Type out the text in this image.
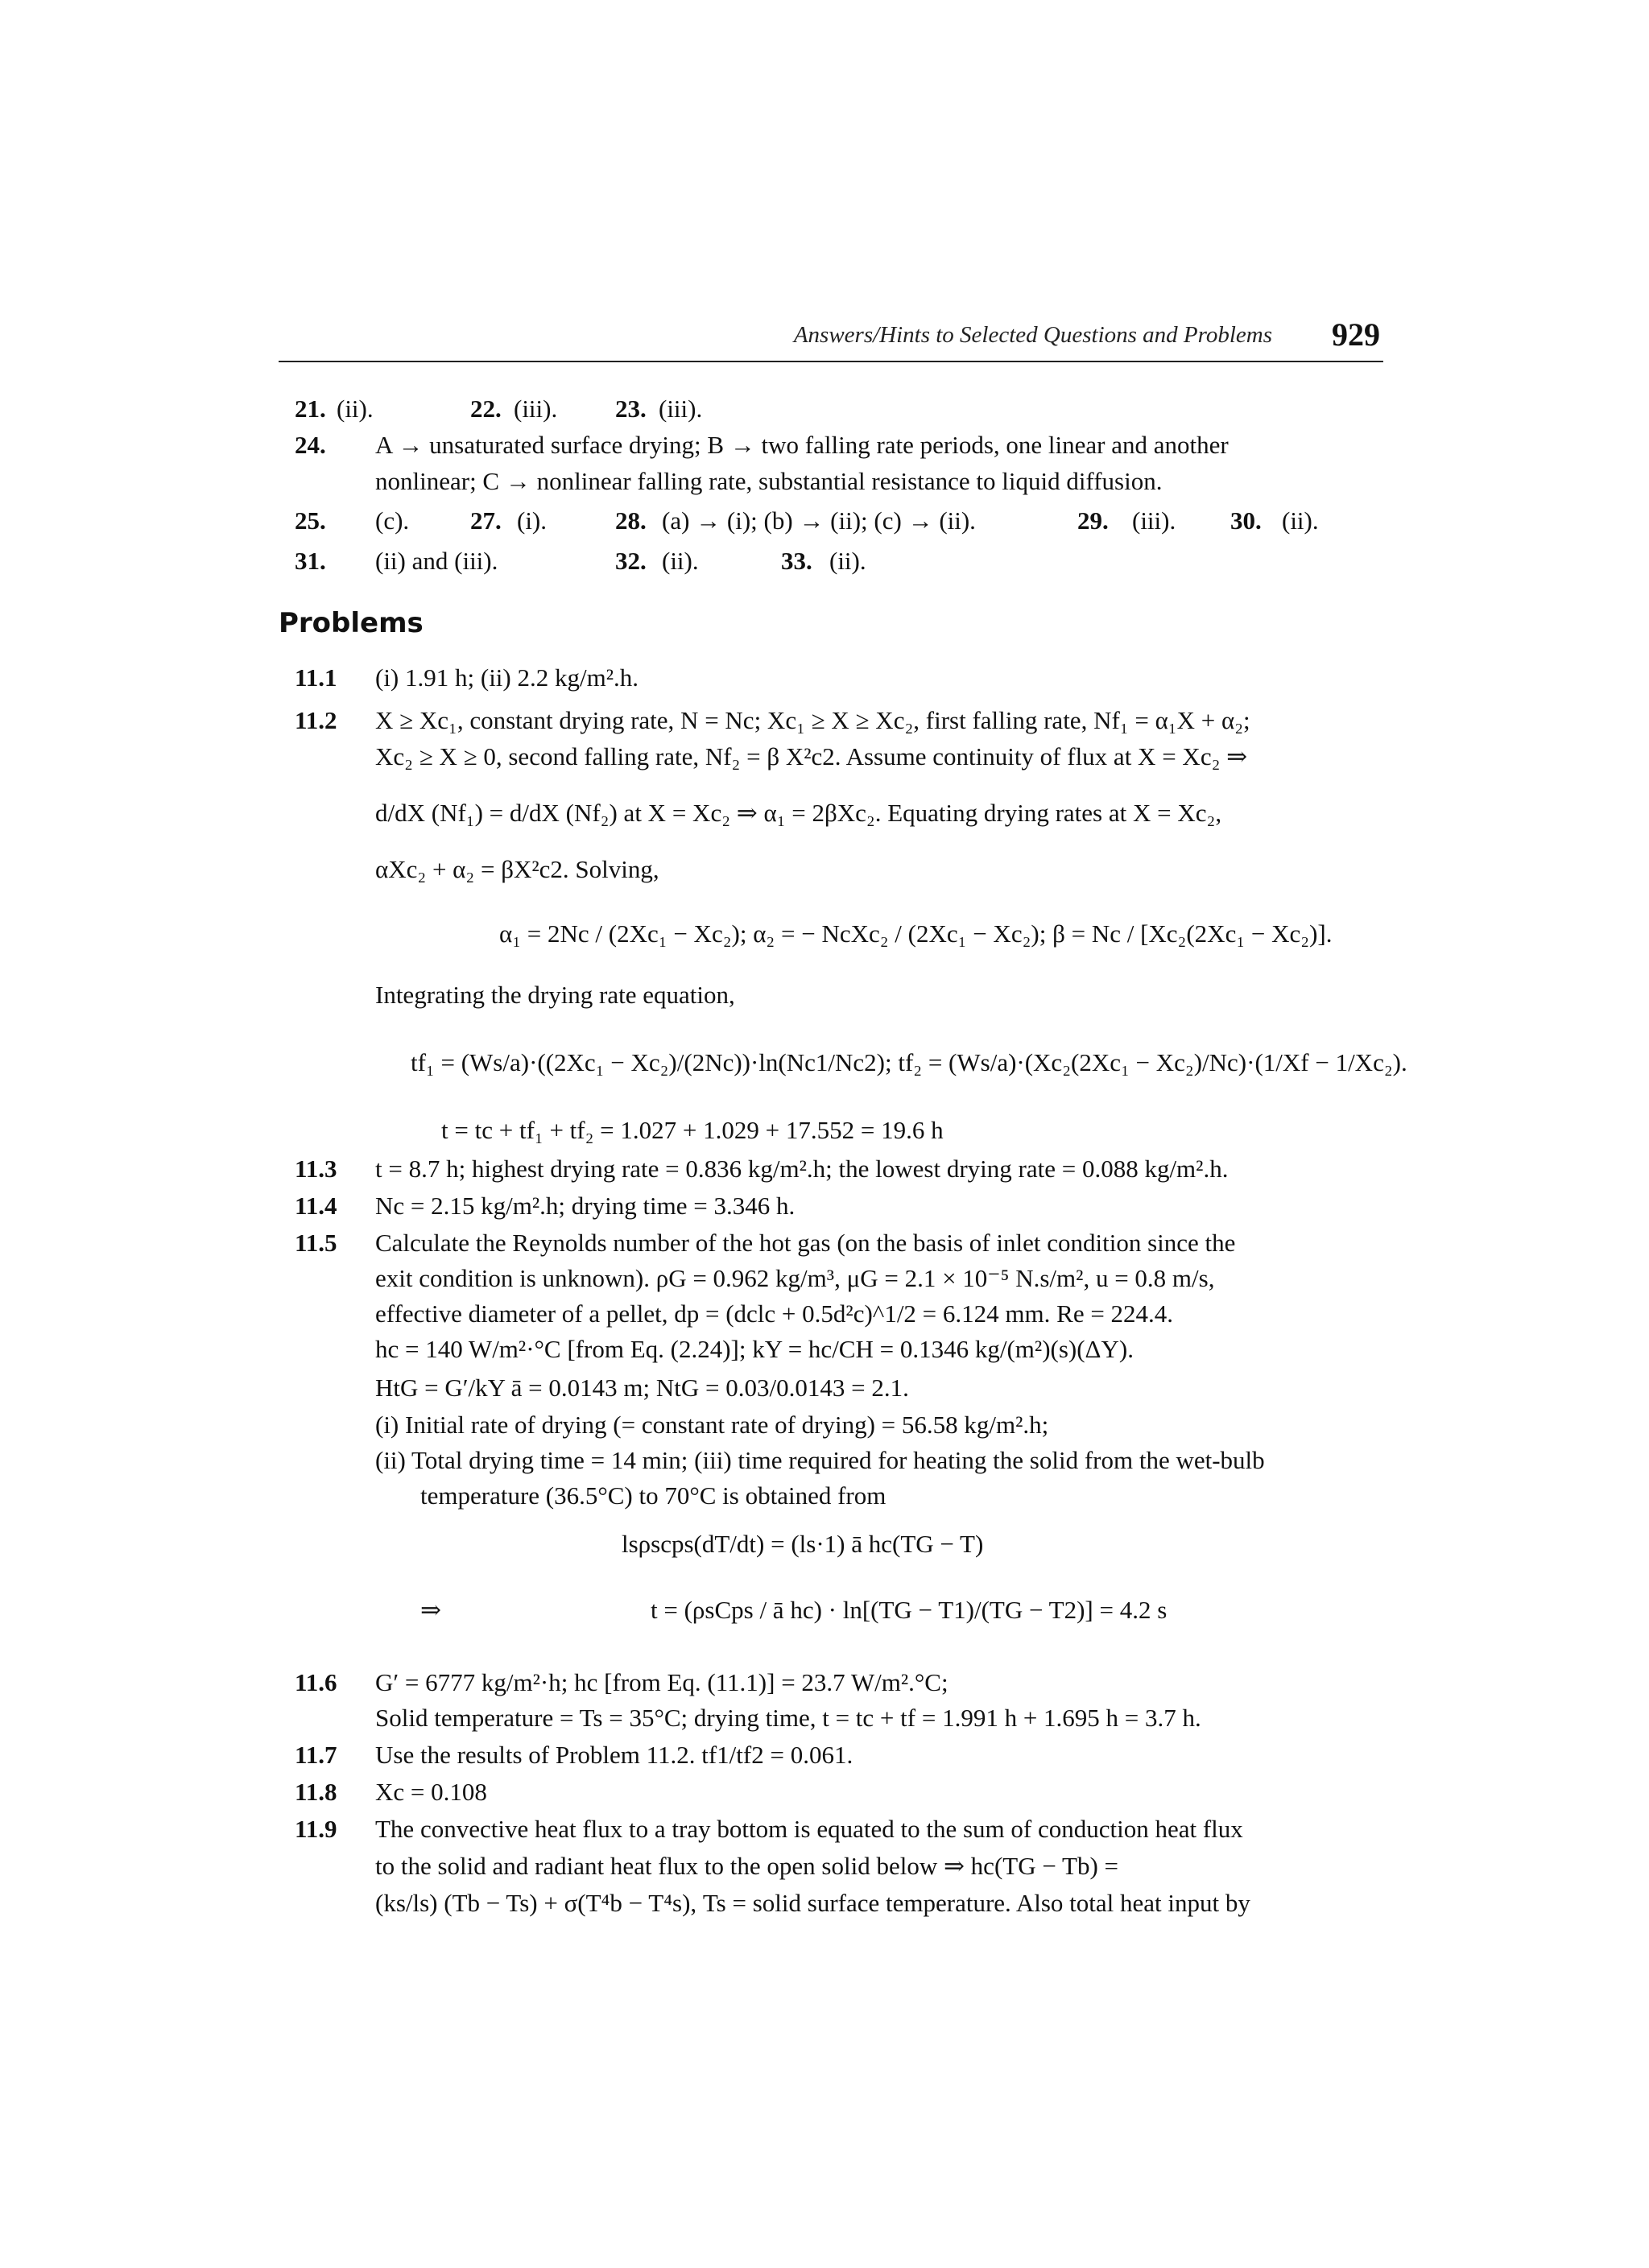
Answers/Hints to Selected Questions and Problems 929
21. (ii).	22. (iii). 23. (iii).
24. A → unsaturated surface drying; B → two falling rate periods, one linear and another
nonlinear; C → nonlinear falling rate, substantial resistance to liquid diffusion.
25. (c). 27. (i).	28. (a) → (i); (b) → (ii); (c) → (ii).	29. (iii). 30. (ii).
31. (ii) and (iii).	32. (ii).	33. (ii).
Problems
11.1 (i) 1.91 h; (ii) 2.2 kg/m².h.
11.2 X ≥ Xc₁, constant drying rate, N = Nc; Xc₁ ≥ X ≥ Xc₂, first falling rate, Nf₁ = α₁X + α₂;
Xc₂ ≥ X ≥ 0, second falling rate, Nf₂ = β X²c2. Assume continuity of flux at X = Xc₂ ⇒
d/dX (Nf₁) = d/dX (Nf₂) at X = Xc₂ ⇒ α₁ = 2βXc₂. Equating drying rates at X = Xc₂,
αXc₂ + α₂ = βX²c2. Solving,
α₁ = 2Nc / (2Xc₁ − Xc₂); α₂ = − NcXc₂ / (2Xc₁ − Xc₂); β = Nc / [Xc₂(2Xc₁ − Xc₂)].
Integrating the drying rate equation,
tf₁ = (Ws/a)·((2Xc₁ − Xc₂)/(2Nc))·ln(Nc1/Nc2); tf₂ = (Ws/a)·(Xc₂(2Xc₁ − Xc₂)/Nc)·(1/Xf − 1/Xc₂).
t = tc + tf₁ + tf₂ = 1.027 + 1.029 + 17.552 = 19.6 h
11.3 t = 8.7 h; highest drying rate = 0.836 kg/m².h; the lowest drying rate = 0.088 kg/m².h.
11.4 Nc = 2.15 kg/m².h; drying time = 3.346 h.
11.5 Calculate the Reynolds number of the hot gas (on the basis of inlet condition since the
exit condition is unknown). ρG = 0.962 kg/m³, μG = 2.1 × 10⁻⁵ N.s/m², u = 0.8 m/s,
effective diameter of a pellet, dp = (dclc + 0.5d²c)^1/2 = 6.124 mm. Re = 224.4.
hc = 140 W/m²·°C [from Eq. (2.24)]; kY = hc/CH = 0.1346 kg/(m²)(s)(ΔY).
HtG = G′/kY ā = 0.0143 m; NtG = 0.03/0.0143 = 2.1.
(i) Initial rate of drying (= constant rate of drying) = 56.58 kg/m².h;
(ii) Total drying time = 14 min; (iii) time required for heating the solid from the wet-bulb
temperature (36.5°C) to 70°C is obtained from
lsρscps(dT/dt) = (ls·1) ā hc(TG − T)
⇒	t = (ρsCps / ā hc) · ln[(TG − T1)/(TG − T2)] = 4.2 s
11.6 G′ = 6777 kg/m²·h; hc [from Eq. (11.1)] = 23.7 W/m².°C;
Solid temperature = Ts = 35°C; drying time, t = tc + tf = 1.991 h + 1.695 h = 3.7 h.
11.7 Use the results of Problem 11.2. tf1/tf2 = 0.061.
11.8 Xc = 0.108
11.9 The convective heat flux to a tray bottom is equated to the sum of conduction heat flux
to the solid and radiant heat flux to the open solid below ⇒ hc(TG − Tb) =
(ks/ls) (Tb − Ts) + σ(T⁴b − T⁴s), Ts = solid surface temperature. Also total heat input by
